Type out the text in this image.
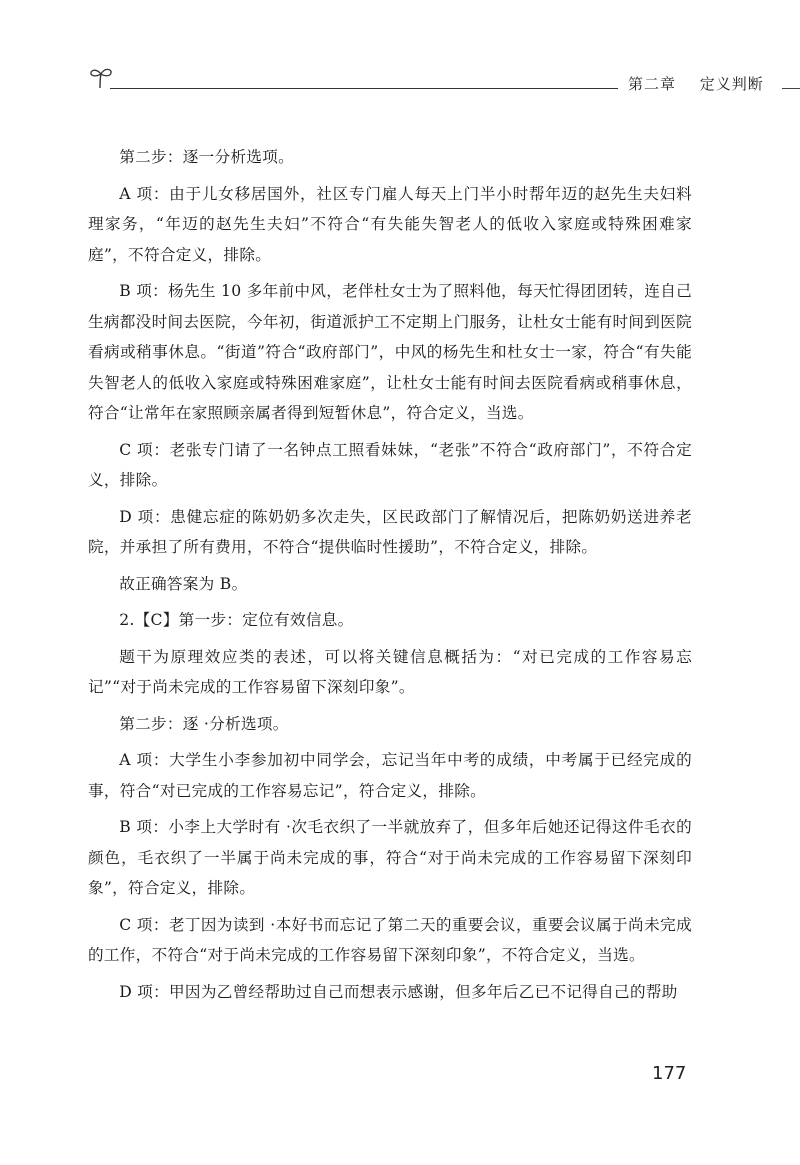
第二章 定义判断

第二步：逐一分析选项。

A 项：由于儿女移居国外，社区专门雇人每天上门半小时帮年迈的赵先生夫妇料理家务，“年迈的赵先生夫妇”不符合“有失能失智老人的低收入家庭或特殊困难家庭”，不符合定义，排除。

B 项：杨先生 10 多年前中风，老伴杜女士为了照料他，每天忙得团团转，连自己生病都没时间去医院，今年初，街道派护工不定期上门服务，让杜女士能有时间到医院看病或稍事休息。“街道”符合“政府部门”，中风的杨先生和杜女士一家，符合“有失能失智老人的低收入家庭或特殊困难家庭”，让杜女士能有时间去医院看病或稍事休息，符合“让常年在家照顾亲属者得到短暂休息”，符合定义，当选。

C 项：老张专门请了一名钟点工照看妹妹，“老张”不符合“政府部门”，不符合定义，排除。

D 项：患健忘症的陈奶奶多次走失，区民政部门了解情况后，把陈奶奶送进养老院，并承担了所有费用，不符合“提供临时性援助”，不符合定义，排除。

故正确答案为 B。

2.【C】第一步：定位有效信息。

题干为原理效应类的表述，可以将关键信息概括为：“对已完成的工作容易忘记”“对于尚未完成的工作容易留下深刻印象”。

第二步：逐 ·分析选项。

A 项：大学生小李参加初中同学会，忘记当年中考的成绩，中考属于已经完成的事，符合“对已完成的工作容易忘记”，符合定义，排除。

B 项：小李上大学时有 ·次毛衣织了一半就放弃了，但多年后她还记得这件毛衣的颜色，毛衣织了一半属于尚未完成的事，符合“对于尚未完成的工作容易留下深刻印象”，符合定义，排除。

C 项：老丁因为读到 ·本好书而忘记了第二天的重要会议，重要会议属于尚未完成的工作，不符合“对于尚未完成的工作容易留下深刻印象”，不符合定义，当选。

D 项：甲因为乙曾经帮助过自己而想表示感谢，但多年后乙已不记得自己的帮助

177
